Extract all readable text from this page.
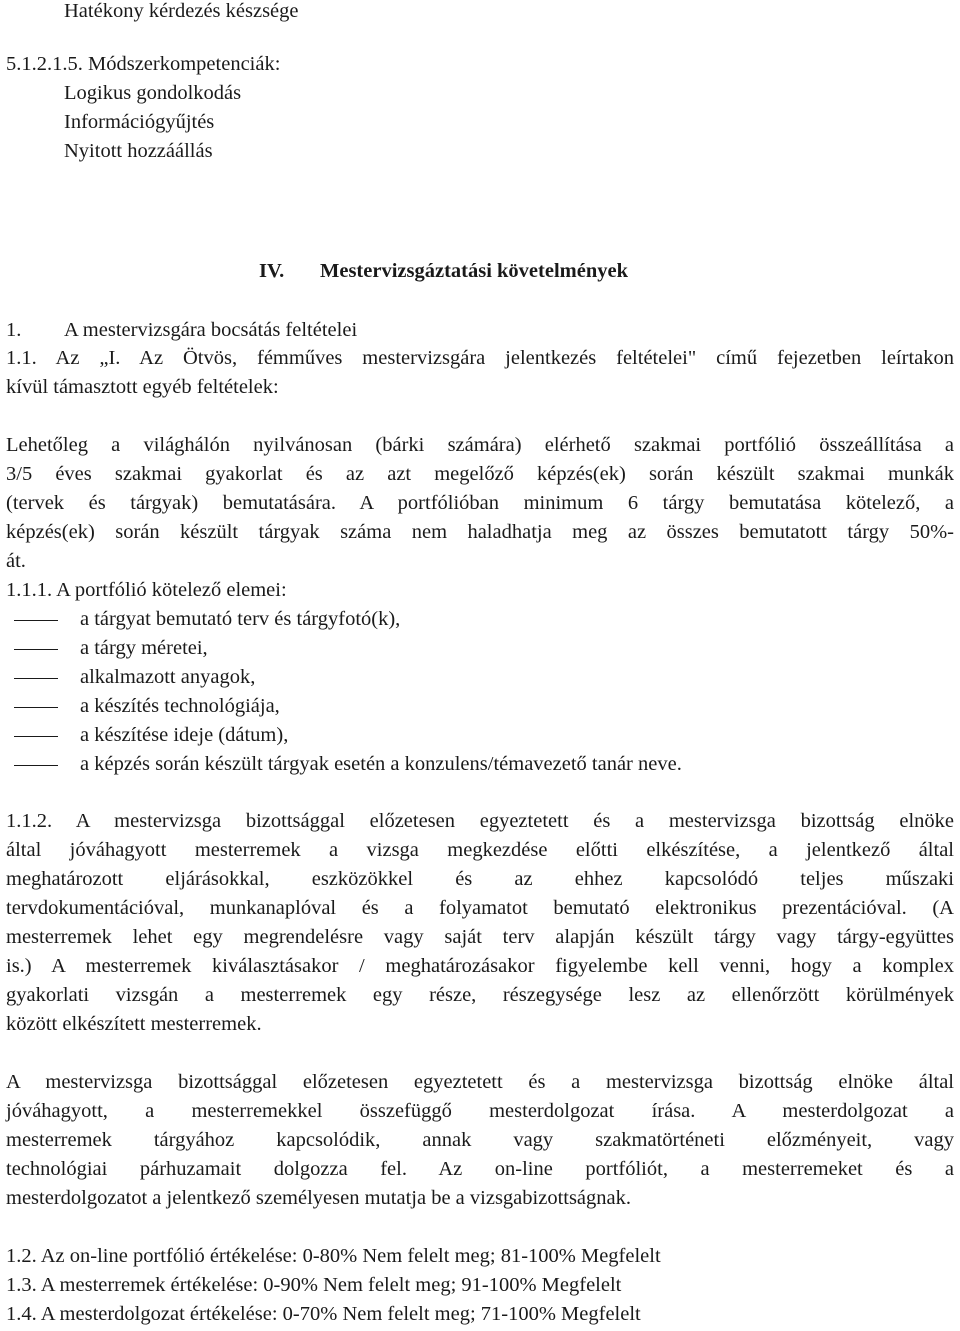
Hatékony kérdezés készsége
5.1.2.1.5. Módszerkompetenciák:
Logikus gondolkodás
Információgyűjtés
Nyitott hozzáállás
IV. Mestervizsgáztatási követelmények
1. A mestervizsgára bocsátás feltételei
1.1. Az „I. Az Ötvös, fémműves mestervizsgára jelentkezés feltételei" című fejezetben leírtakon
kívül támasztott egyéb feltételek:
Lehetőleg a világhálón nyilvánosan (bárki számára) elérhető szakmai portfólió összeállítása a
3/5 éves szakmai gyakorlat és az azt megelőző képzés(ek) során készült szakmai munkák
(tervek és tárgyak) bemutatására. A portfólióban minimum 6 tárgy bemutatása kötelező, a
képzés(ek) során készült tárgyak száma nem haladhatja meg az összes bemutatott tárgy 50%-
át.
1.1.1. A portfólió kötelező elemei:
a tárgyat bemutató terv és tárgyfotó(k),
a tárgy méretei,
alkalmazott anyagok,
a készítés technológiája,
a készítése ideje (dátum),
a képzés során készült tárgyak esetén a konzulens/témavezető tanár neve.
1.1.2. A mestervizsga bizottsággal előzetesen egyeztetett és a mestervizsga bizottság elnöke
által jóváhagyott mesterremek a vizsga megkezdése előtti elkészítése, a jelentkező által
meghatározott eljárásokkal, eszközökkel és az ehhez kapcsolódó teljes műszaki
tervdokumentációval, munkanaplóval és a folyamatot bemutató elektronikus prezentációval. (A
mesterremek lehet egy megrendelésre vagy saját terv alapján készült tárgy vagy tárgy-együttes
is.) A mesterremek kiválasztásakor / meghatározásakor figyelembe kell venni, hogy a komplex
gyakorlati vizsgán a mesterremek egy része, részegysége lesz az ellenőrzött körülmények
között elkészített mesterremek.
A mestervizsga bizottsággal előzetesen egyeztetett és a mestervizsga bizottság elnöke által
jóváhagyott, a mesterremekkel összefüggő mesterdolgozat írása. A mesterdolgozat a
mesterremek tárgyához kapcsolódik, annak vagy szakmatörténeti előzményeit, vagy
technológiai párhuzamait dolgozza fel. Az on-line portfóliót, a mesterremeket és a
mesterdolgozatot a jelentkező személyesen mutatja be a vizsgabizottságnak.
1.2. Az on-line portfólió értékelése: 0-80% Nem felelt meg; 81-100% Megfelelt
1.3. A mesterremek értékelése: 0-90% Nem felelt meg; 91-100% Megfelelt
1.4. A mesterdolgozat értékelése: 0-70% Nem felelt meg; 71-100% Megfelelt
